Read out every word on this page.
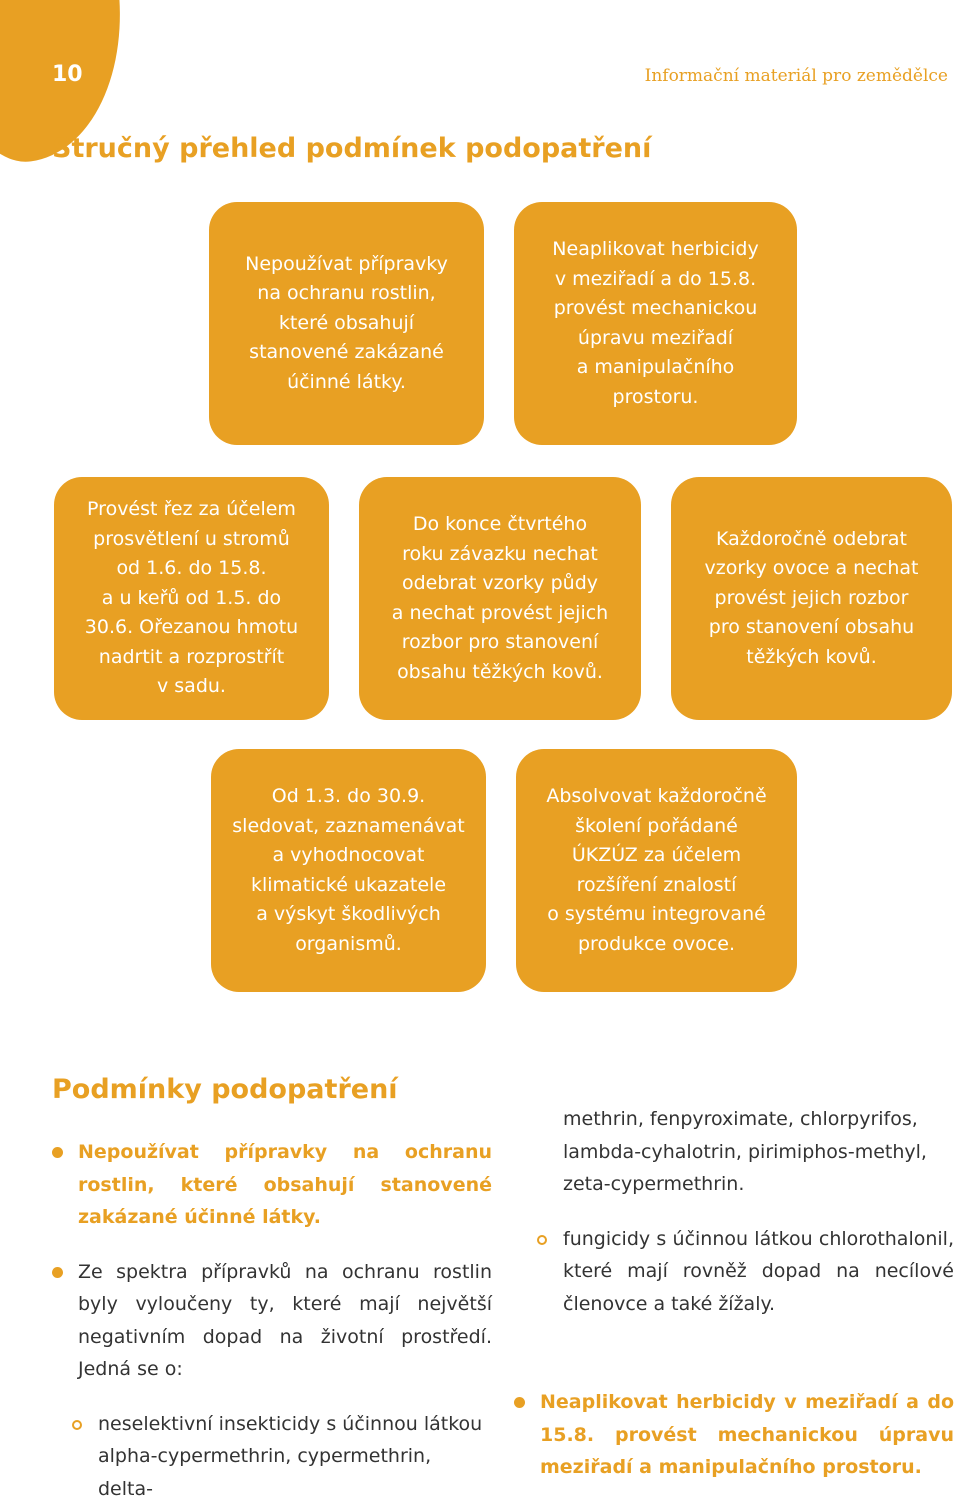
10	Informační materiál pro zemědělce
Stručný přehled podmínek podopatření
Nepoužívat přípravky
na ochranu rostlin,
které obsahují
stanovené zakázané
účinné látky.
Neaplikovat herbicidy
v meziřadí a do 15.8.
provést mechanickou
úpravu meziřadí
a manipulačního
prostoru.
Provést řez za účelem
prosvětlení u stromů
od 1.6. do 15.8.
a u keřů od 1.5. do
30.6. Ořezanou hmotu
nadrtit a rozprostřít
v sadu.
Do konce čtvrtého
roku závazku nechat
odebrat vzorky půdy
a nechat provést jejich
rozbor pro stanovení
obsahu těžkých kovů.
Každoročně odebrat
vzorky ovoce a nechat
provést jejich rozbor
pro stanovení obsahu
těžkých kovů.
Od 1.3. do 30.9.
sledovat, zaznamenávat
a vyhodnocovat
klimatické ukazatele
a výskyt škodlivých
organismů.
Absolvovat každoročně
školení pořádané
ÚKZÚZ za účelem
rozšíření znalostí
o systému integrované
produkce ovoce.
Podmínky podopatření
Nepoužívat přípravky na ochranu rostlin, které obsahují stanovené zakázané účinné látky.
Ze spektra přípravků na ochranu rostlin byly vyloučeny ty, které mají největší negativním dopad na životní prostředí. Jedná se o:
neselektivní insekticidy s účinnou látkou alpha-cypermethrin, cypermethrin, delta-
methrin, fenpyroximate, chlorpyrifos, lambda-cyhalotrin, pirimiphos-methyl, zeta-cypermethrin.
fungicidy s účinnou látkou chlorothalonil, které mají rovněž dopad na necílové členovce a také žížaly.
Neaplikovat herbicidy v meziřadí a do 15.8. provést mechanickou úpravu meziřadí a manipulačního prostoru.
